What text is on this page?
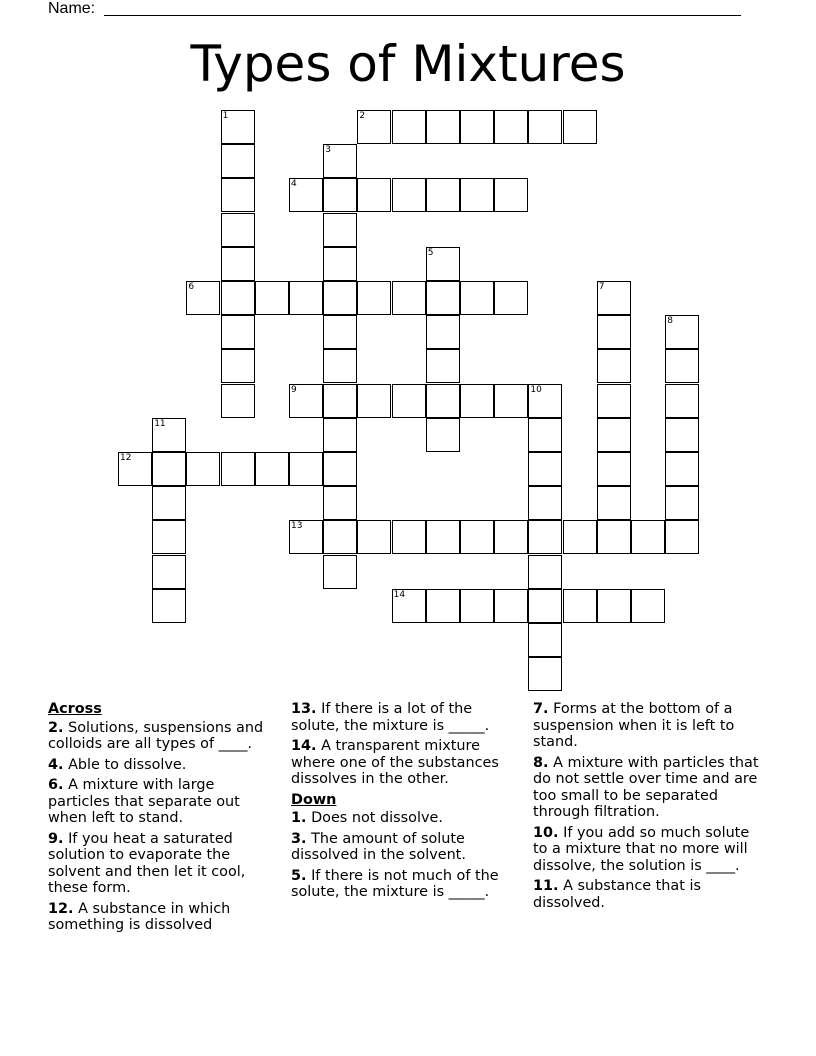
Name:
Types of Mixtures
1	2
3
4
5
6	7
8
9	10
11
12
13
14
Across
2. Solutions, suspensions and colloids are all types of ____.
4. Able to dissolve.
6. A mixture with large particles that separate out when left to stand.
9. If you heat a saturated solution to evaporate the solvent and then let it cool, these form.
12. A substance in which something is dissolved
13. If there is a lot of the solute, the mixture is _____.
14. A transparent mixture where one of the substances dissolves in the other.
Down
1. Does not dissolve.
3. The amount of solute dissolved in the solvent.
5. If there is not much of the solute, the mixture is _____.
7. Forms at the bottom of a suspension when it is left to stand.
8. A mixture with particles that do not settle over time and are too small to be separated through filtration.
10. If you add so much solute to a mixture that no more will dissolve, the solution is ____.
11. A substance that is dissolved.
